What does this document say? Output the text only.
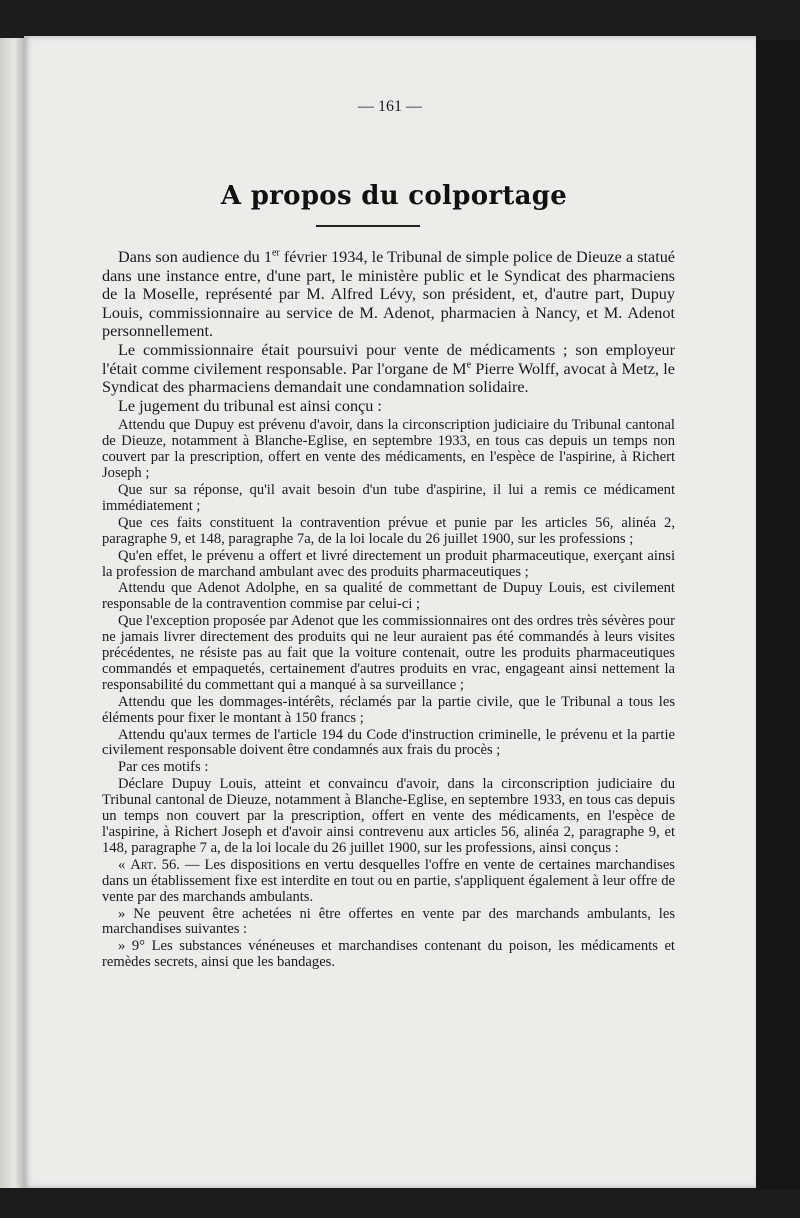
— 161 —
A propos du colportage

Dans son audience du 1er février 1934, le Tribunal de simple police de Dieuze a statué dans une instance entre, d'une part, le ministère public et le Syndicat des pharmaciens de la Moselle, représenté par M. Alfred Lévy, son président, et, d'autre part, Dupuy Louis, commissionnaire au service de M. Adenot, pharmacien à Nancy, et M. Adenot personnellement.

Le commissionnaire était poursuivi pour vente de médicaments ; son employeur l'était comme civilement responsable. Par l'organe de Me Pierre Wolff, avocat à Metz, le Syndicat des pharmaciens demandait une condamnation solidaire.

Le jugement du tribunal est ainsi conçu :

Attendu que Dupuy est prévenu d'avoir, dans la circonscription judiciaire du Tribunal cantonal de Dieuze, notamment à Blanche-Eglise, en septembre 1933, en tous cas depuis un temps non couvert par la prescription, offert en vente des médicaments, en l'espèce de l'aspirine, à Richert Joseph ;

Que sur sa réponse, qu'il avait besoin d'un tube d'aspirine, il lui a remis ce médicament immédiatement ;

Que ces faits constituent la contravention prévue et punie par les articles 56, alinéa 2, paragraphe 9, et 148, paragraphe 7a, de la loi locale du 26 juillet 1900, sur les professions ;

Qu'en effet, le prévenu a offert et livré directement un produit pharmaceutique, exerçant ainsi la profession de marchand ambulant avec des produits pharmaceutiques ;

Attendu que Adenot Adolphe, en sa qualité de commettant de Dupuy Louis, est civilement responsable de la contravention commise par celui-ci ;

Que l'exception proposée par Adenot que les commissionnaires ont des ordres très sévères pour ne jamais livrer directement des produits qui ne leur auraient pas été commandés à leurs visites précédentes, ne résiste pas au fait que la voiture contenait, outre les produits pharmaceutiques commandés et empaquetés, certainement d'autres produits en vrac, engageant ainsi nettement la responsabilité du commettant qui a manqué à sa surveillance ;

Attendu que les dommages-intérêts, réclamés par la partie civile, que le Tribunal a tous les éléments pour fixer le montant à 150 francs ;

Attendu qu'aux termes de l'article 194 du Code d'instruction criminelle, le prévenu et la partie civilement responsable doivent être condamnés aux frais du procès ;

Par ces motifs :

Déclare Dupuy Louis, atteint et convaincu d'avoir, dans la circonscription judiciaire du Tribunal cantonal de Dieuze, notamment à Blanche-Eglise, en septembre 1933, en tous cas depuis un temps non couvert par la prescription, offert en vente des médicaments, en l'espèce de l'aspirine, à Richert Joseph et d'avoir ainsi contrevenu aux articles 56, alinéa 2, paragraphe 9, et 148, paragraphe 7 a, de la loi locale du 26 juillet 1900, sur les professions, ainsi conçus :

« Art. 56. — Les dispositions en vertu desquelles l'offre en vente de certaines marchandises dans un établissement fixe est interdite en tout ou en partie, s'appliquent également à leur offre de vente par des marchands ambulants.

» Ne peuvent être achetées ni être offertes en vente par des marchands ambulants, les marchandises suivantes :

» 9° Les substances vénéneuses et marchandises contenant du poison, les médicaments et remèdes secrets, ainsi que les bandages.
